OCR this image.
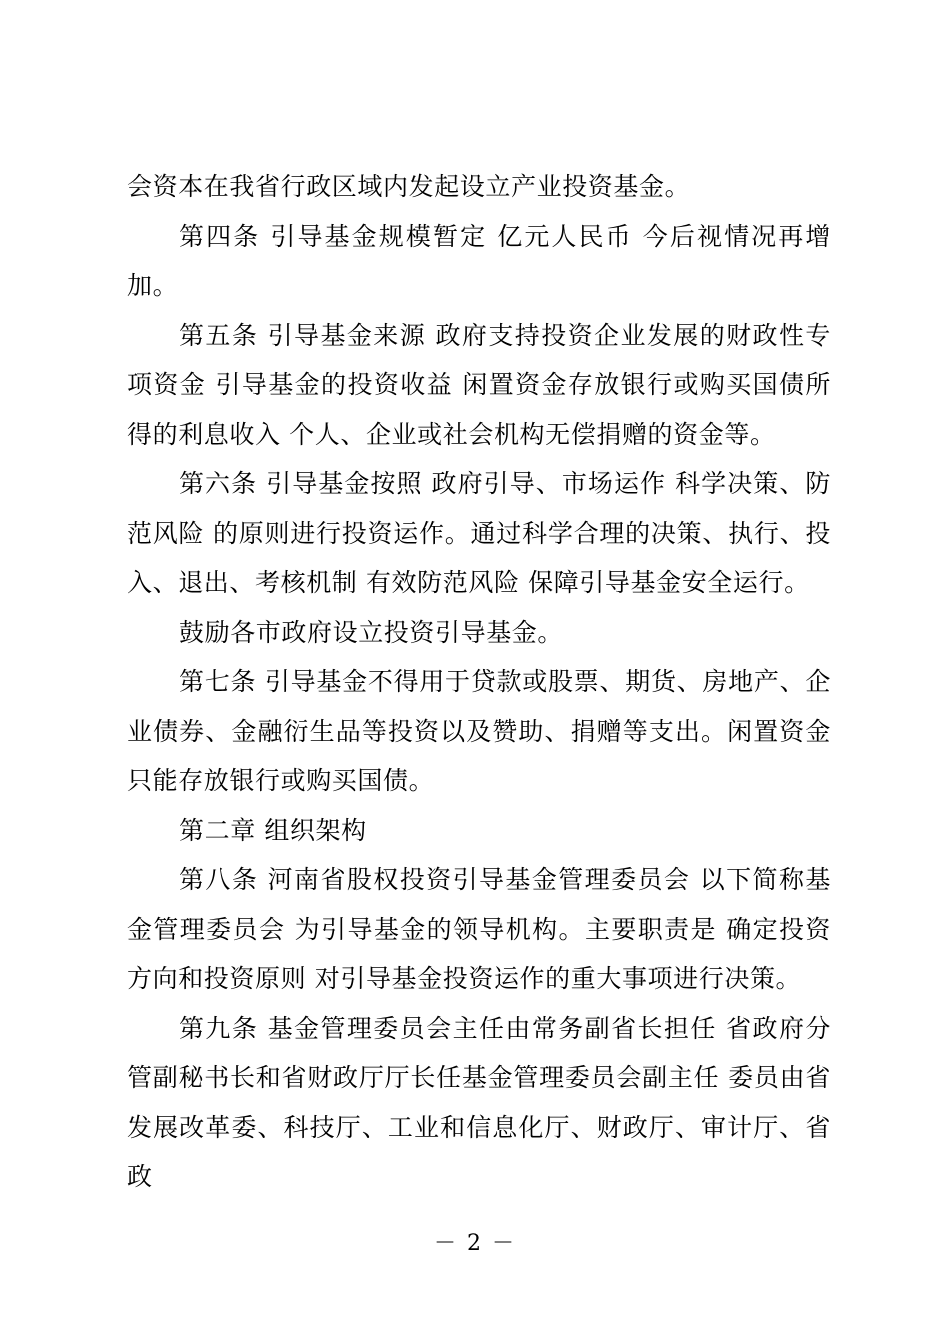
会资本在我省行政区域内发起设立产业投资基金。

第四条 引导基金规模暂定 亿元人民币 今后视情况再增加。

第五条 引导基金来源 政府支持投资企业发展的财政性专项资金 引导基金的投资收益 闲置资金存放银行或购买国债所得的利息收入 个人、企业或社会机构无偿捐赠的资金等。

第六条 引导基金按照 政府引导、市场运作 科学决策、防范风险 的原则进行投资运作。通过科学合理的决策、执行、投入、退出、考核机制 有效防范风险 保障引导基金安全运行。

鼓励各市政府设立投资引导基金。

第七条 引导基金不得用于贷款或股票、期货、房地产、企业债券、金融衍生品等投资以及赞助、捐赠等支出。闲置资金只能存放银行或购买国债。

第二章 组织架构

第八条 河南省股权投资引导基金管理委员会 以下简称基金管理委员会 为引导基金的领导机构。主要职责是 确定投资方向和投资原则 对引导基金投资运作的重大事项进行决策。

第九条 基金管理委员会主任由常务副省长担任 省政府分管副秘书长和省财政厅厅长任基金管理委员会副主任 委员由省发展改革委、科技厅、工业和信息化厅、财政厅、审计厅、省政

－ 2 －
